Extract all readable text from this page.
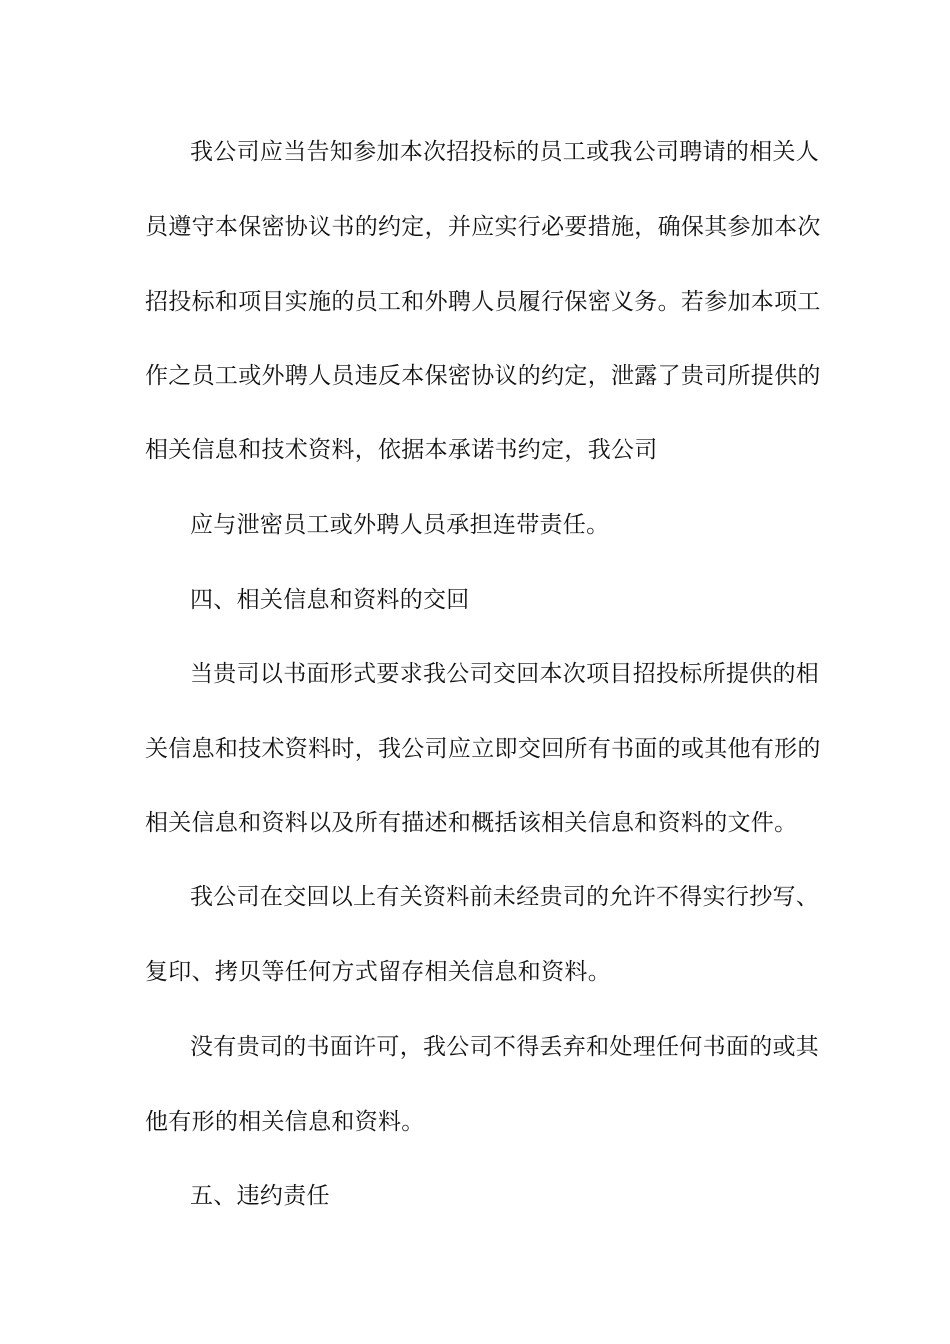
我公司应当告知参加本次招投标的员工或我公司聘请的相关人

员遵守本保密协议书的约定，并应实行必要措施，确保其参加本次

招投标和项目实施的员工和外聘人员履行保密义务。若参加本项工

作之员工或外聘人员违反本保密协议的约定，泄露了贵司所提供的

相关信息和技术资料，依据本承诺书约定，我公司

应与泄密员工或外聘人员承担连带责任。

四、相关信息和资料的交回

当贵司以书面形式要求我公司交回本次项目招投标所提供的相

关信息和技术资料时，我公司应立即交回所有书面的或其他有形的

相关信息和资料以及所有描述和概括该相关信息和资料的文件。

我公司在交回以上有关资料前未经贵司的允许不得实行抄写、

复印、拷贝等任何方式留存相关信息和资料。

没有贵司的书面许可，我公司不得丢弃和处理任何书面的或其

他有形的相关信息和资料。

五、违约责任
